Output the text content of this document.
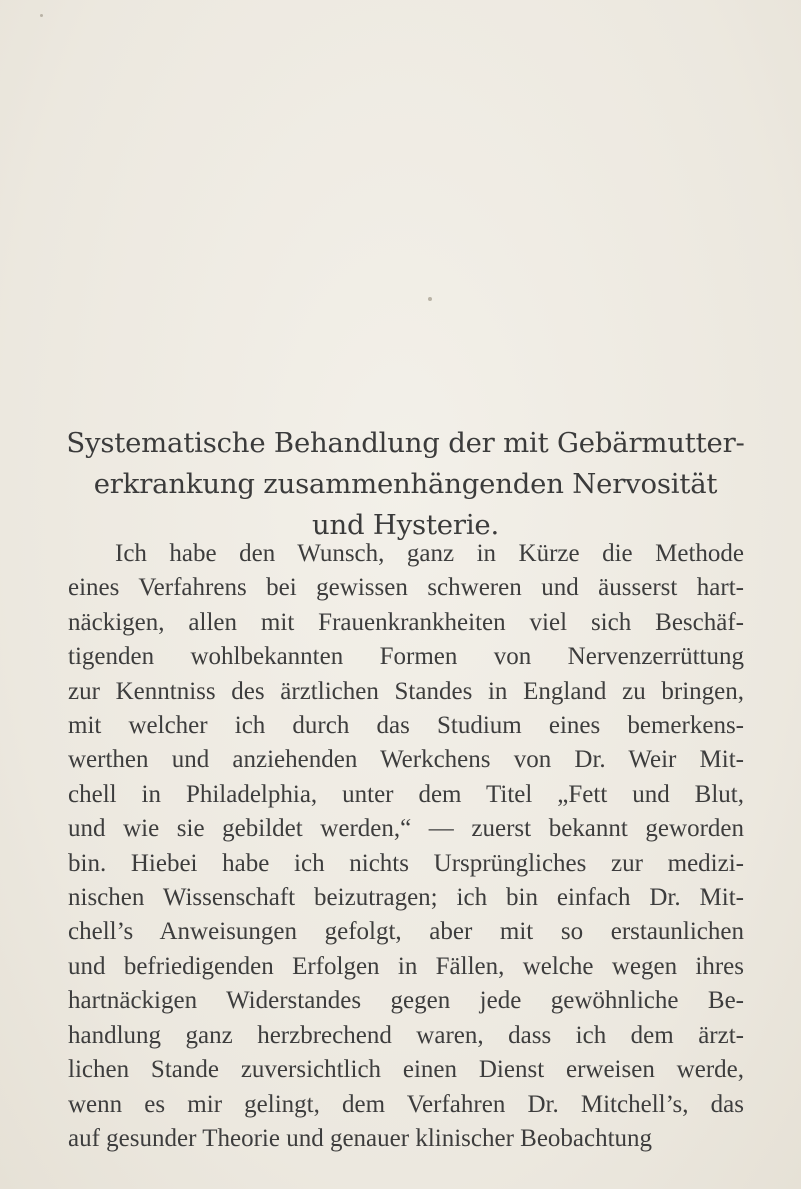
Systematische Behandlung der mit Gebärmutter-
erkrankung zusammenhängenden Nervosität
und Hysterie.
Ich habe den Wunsch, ganz in Kürze die Methode
eines Verfahrens bei gewissen schweren und äusserst hart-
näckigen, allen mit Frauenkrankheiten viel sich Beschäf-
tigenden wohlbekannten Formen von Nervenzerrüttung
zur Kenntniss des ärztlichen Standes in England zu bringen,
mit welcher ich durch das Studium eines bemerkens-
werthen und anziehenden Werkchens von Dr. Weir Mit-
chell in Philadelphia, unter dem Titel „Fett und Blut,
und wie sie gebildet werden,“ — zuerst bekannt geworden
bin. Hiebei habe ich nichts Ursprüngliches zur medizi-
nischen Wissenschaft beizutragen; ich bin einfach Dr. Mit-
chell’s Anweisungen gefolgt, aber mit so erstaunlichen
und befriedigenden Erfolgen in Fällen, welche wegen ihres
hartnäckigen Widerstandes gegen jede gewöhnliche Be-
handlung ganz herzbrechend waren, dass ich dem ärzt-
lichen Stande zuversichtlich einen Dienst erweisen werde,
wenn es mir gelingt, dem Verfahren Dr. Mitchell’s, das
auf gesunder Theorie und genauer klinischer Beobachtung
